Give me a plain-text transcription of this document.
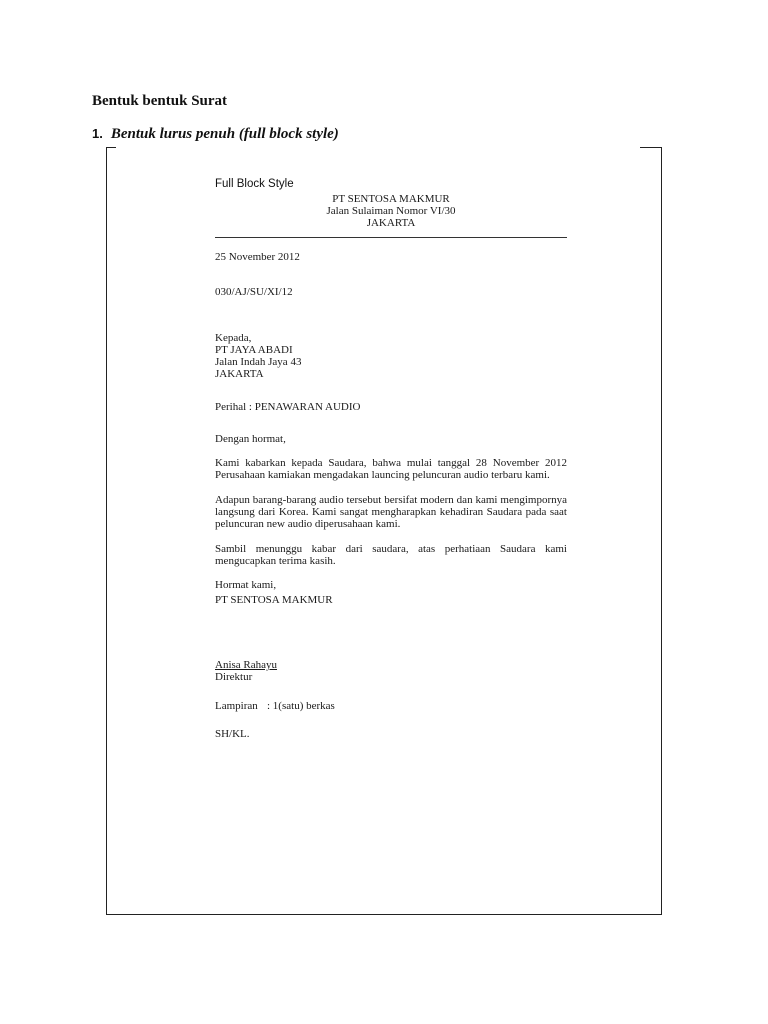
Bentuk bentuk Surat
1. Bentuk lurus penuh (full block style)
Full Block Style
PT SENTOSA MAKMUR
Jalan Sulaiman Nomor VI/30
JAKARTA
25 November 2012
030/AJ/SU/XI/12
Kepada,
PT JAYA ABADI
Jalan Indah Jaya 43
JAKARTA
Perihal : PENAWARAN AUDIO
Dengan hormat,
Kami kabarkan kepada Saudara, bahwa mulai tanggal 28 November 2012 Perusahaan kamiakan mengadakan launcing peluncuran audio terbaru kami.
Adapun barang-barang audio tersebut bersifat modern dan kami mengimpornya langsung dari Korea. Kami sangat mengharapkan kehadiran Saudara pada saat peluncuran new audio diperusahaan kami.
Sambil menunggu kabar dari saudara, atas perhatiaan Saudara kami mengucapkan terima kasih.
Hormat kami,
PT SENTOSA MAKMUR
Anisa Rahayu
Direktur
Lampiran : 1(satu) berkas
SH/KL.
